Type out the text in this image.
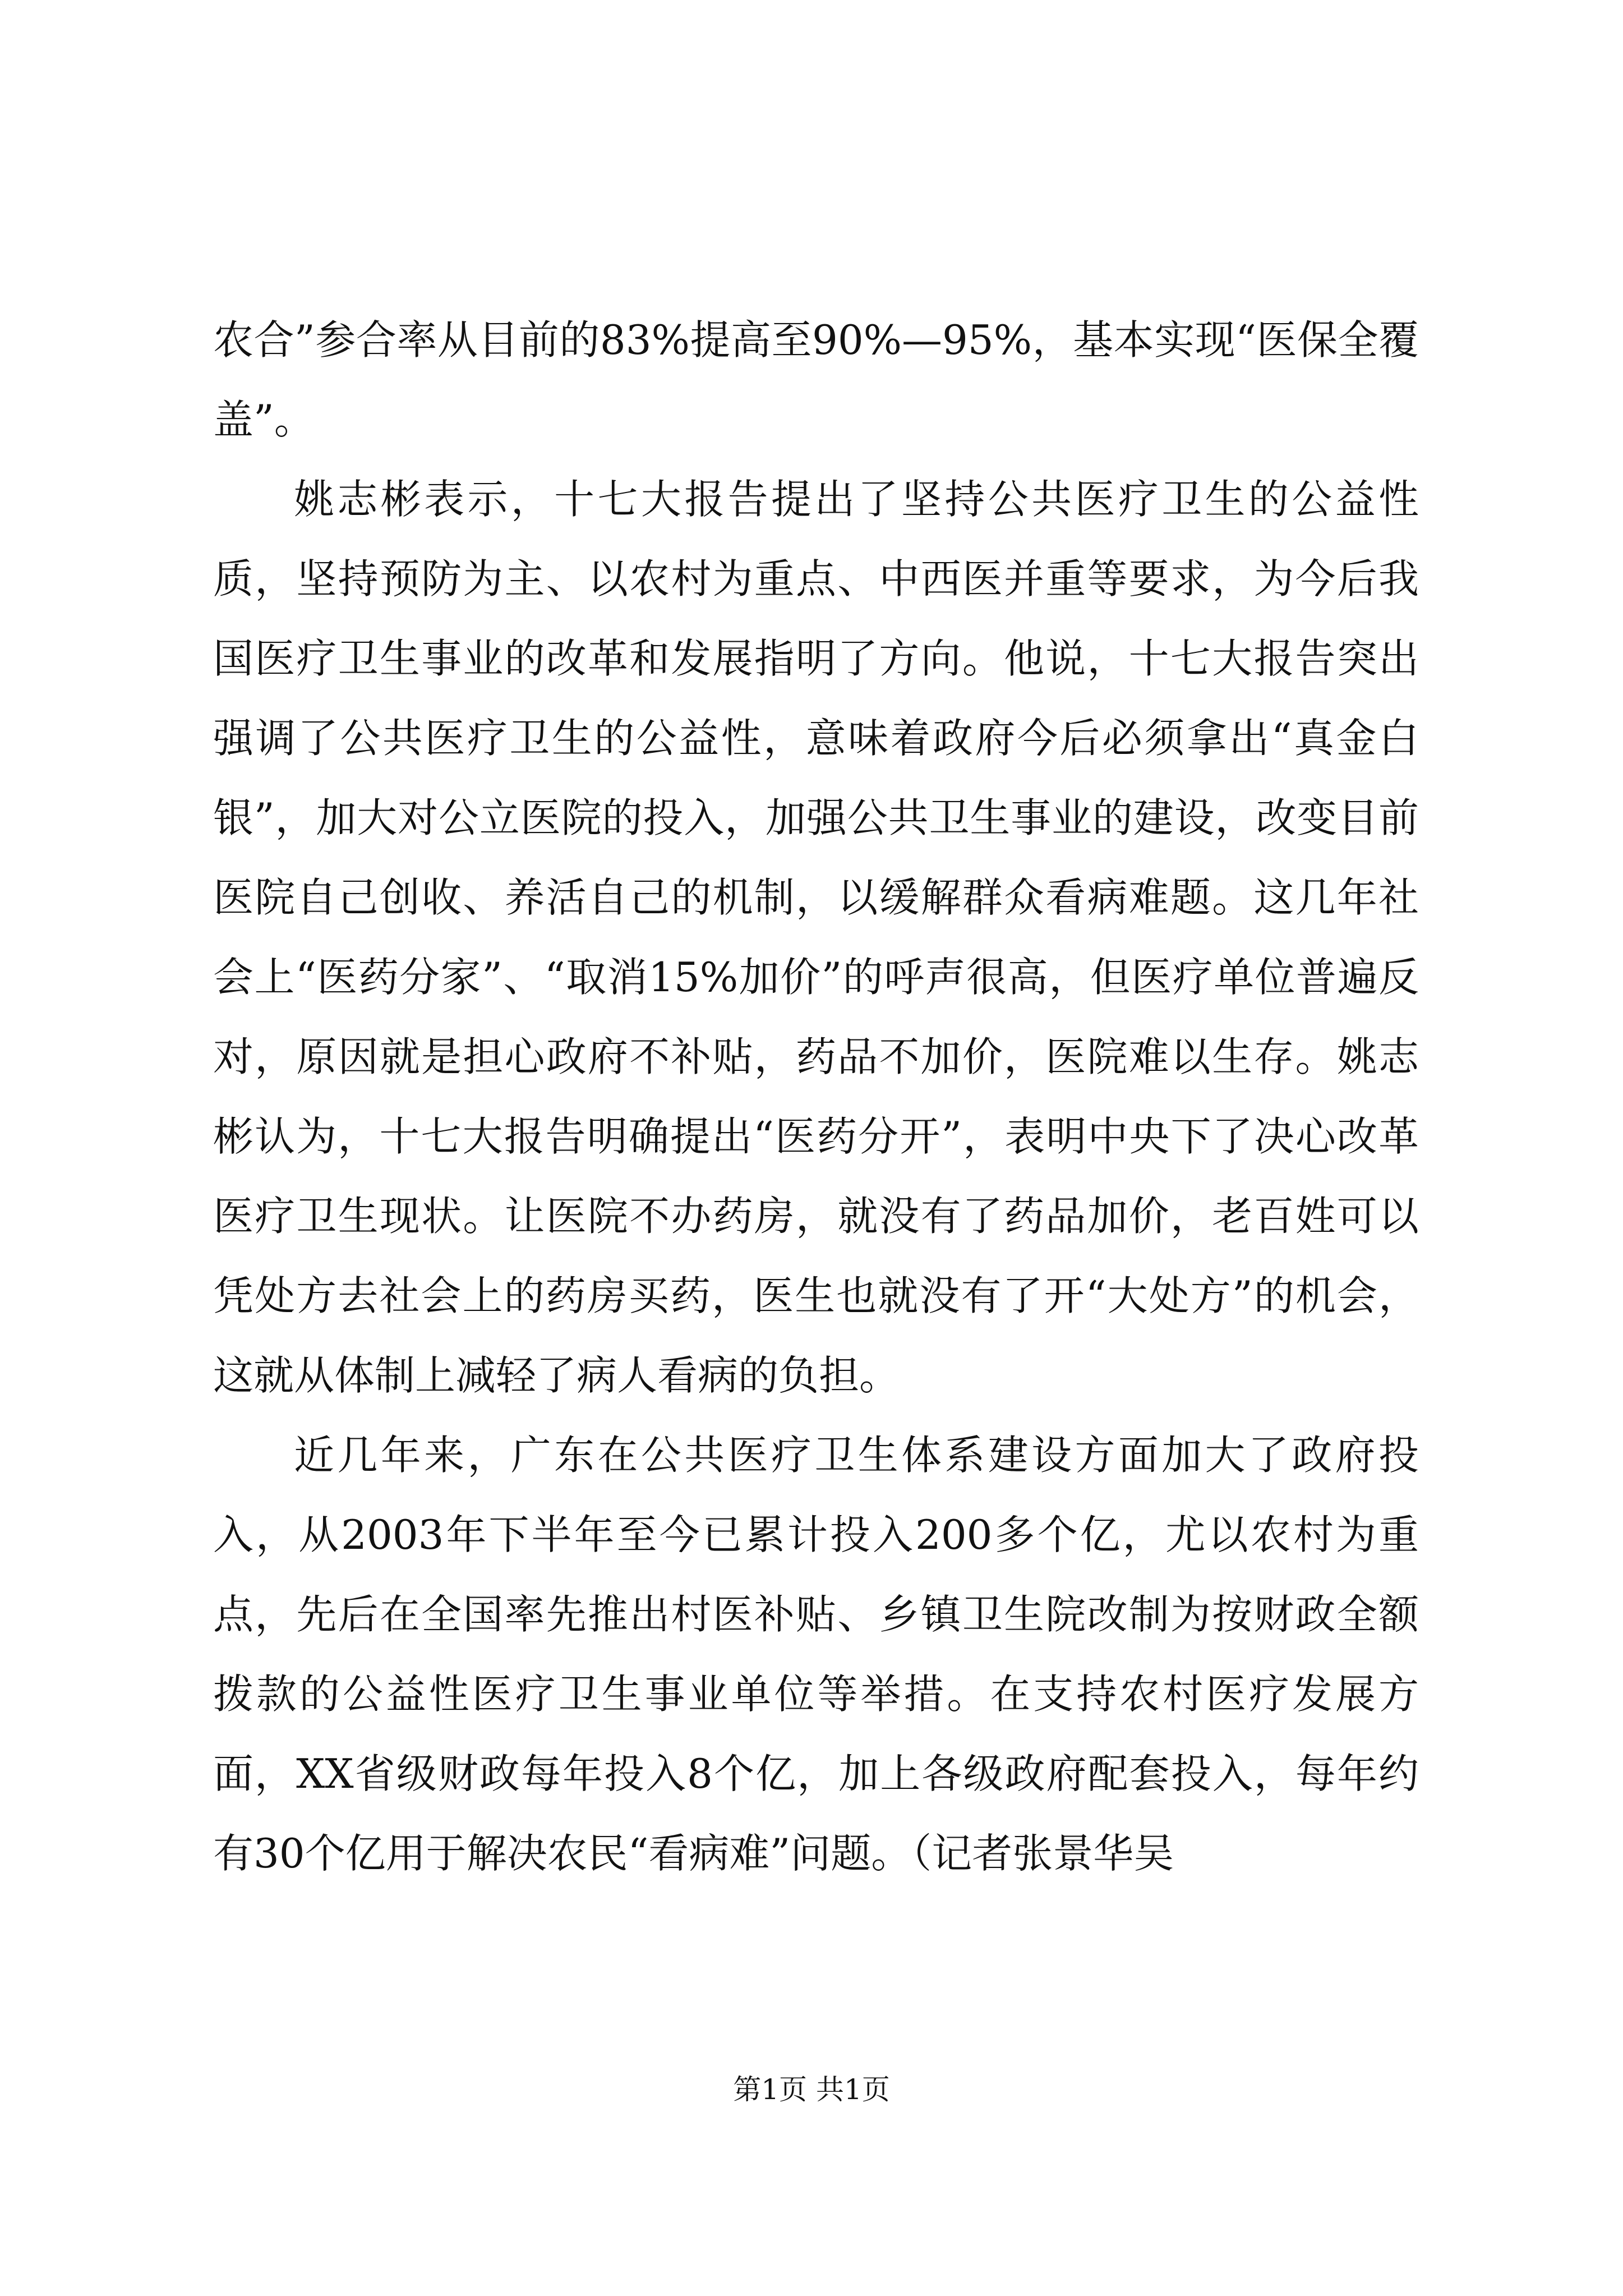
农合”参合率从目前的83%提高至90%—95%，基本实现“医保全覆盖”。

姚志彬表示，十七大报告提出了坚持公共医疗卫生的公益性质，坚持预防为主、以农村为重点、中西医并重等要求，为今后我国医疗卫生事业的改革和发展指明了方向。他说，十七大报告突出强调了公共医疗卫生的公益性，意味着政府今后必须拿出“真金白银”，加大对公立医院的投入，加强公共卫生事业的建设，改变目前医院自己创收、养活自己的机制，以缓解群众看病难题。这几年社会上“医药分家”、“取消15%加价”的呼声很高，但医疗单位普遍反对，原因就是担心政府不补贴，药品不加价，医院难以生存。姚志彬认为，十七大报告明确提出“医药分开”，表明中央下了决心改革医疗卫生现状。让医院不办药房，就没有了药品加价，老百姓可以凭处方去社会上的药房买药，医生也就没有了开“大处方”的机会，这就从体制上减轻了病人看病的负担。

近几年来，广东在公共医疗卫生体系建设方面加大了政府投入，从2003年下半年至今已累计投入200多个亿，尤以农村为重点，先后在全国率先推出村医补贴、乡镇卫生院改制为按财政全额拨款的公益性医疗卫生事业单位等举措。在支持农村医疗发展方面，XX省级财政每年投入8个亿，加上各级政府配套投入，每年约有30个亿用于解决农民“看病难”问题。（记者张景华吴

第1页 共1页
